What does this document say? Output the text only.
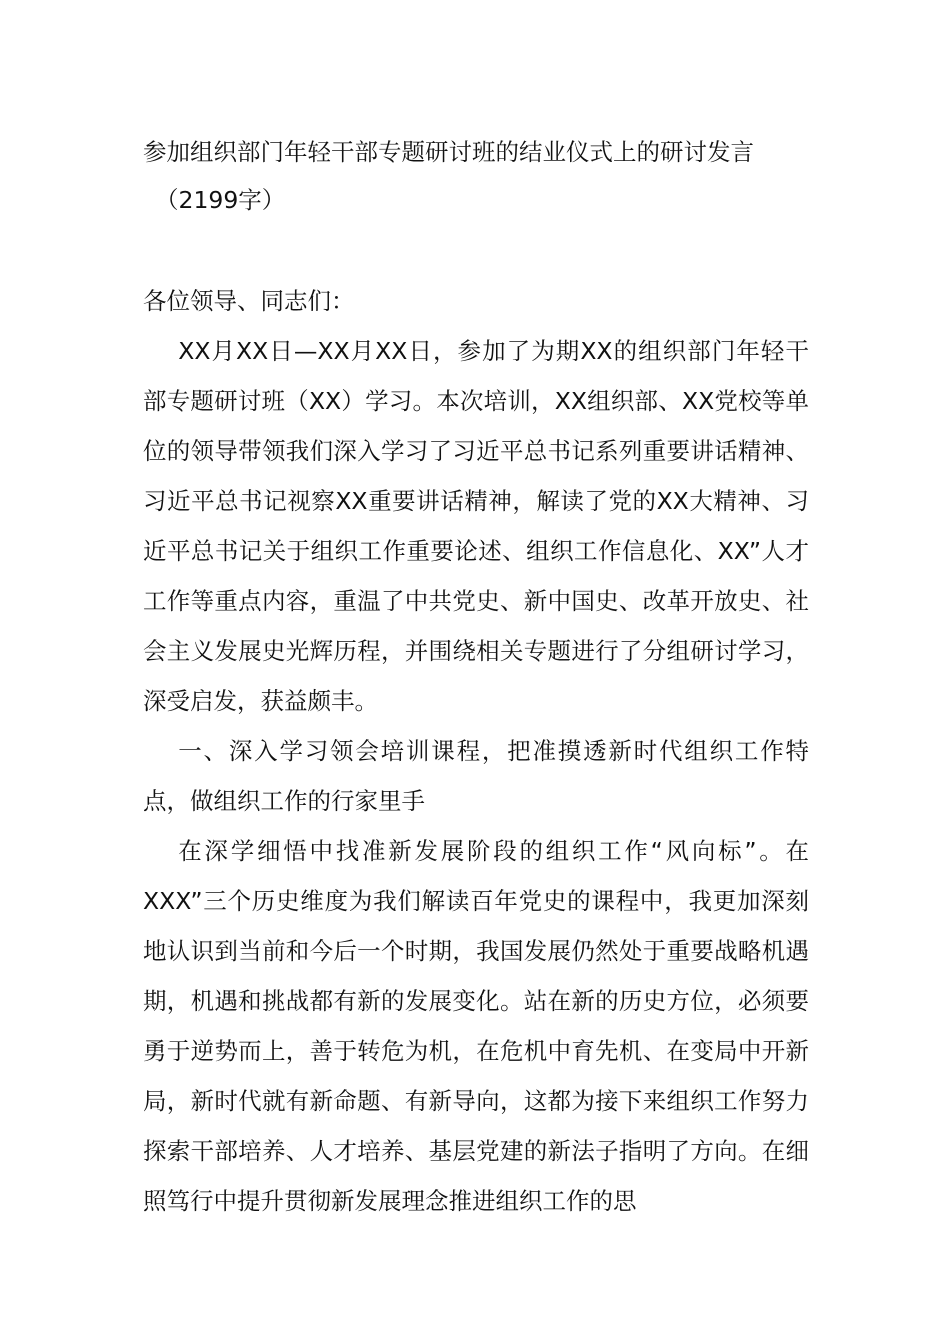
参加组织部门年轻干部专题研讨班的结业仪式上的研讨发言
（2199字）

各位领导、同志们：

XX月XX日—XX月XX日，参加了为期XX的组织部门年轻干部专题研讨班（XX）学习。本次培训，XX组织部、XX党校等单位的领导带领我们深入学习了习近平总书记系列重要讲话精神、习近平总书记视察XX重要讲话精神，解读了党的XX大精神、习近平总书记关于组织工作重要论述、组织工作信息化、XX”人才工作等重点内容，重温了中共党史、新中国史、改革开放史、社会主义发展史光辉历程，并围绕相关专题进行了分组研讨学习，深受启发，获益颇丰。

一、深入学习领会培训课程，把准摸透新时代组织工作特点，做组织工作的行家里手

在深学细悟中找准新发展阶段的组织工作“风向标”。在XXX”三个历史维度为我们解读百年党史的课程中，我更加深刻地认识到当前和今后一个时期，我国发展仍然处于重要战略机遇期，机遇和挑战都有新的发展变化。站在新的历史方位，必须要勇于逆势而上，善于转危为机，在危机中育先机、在变局中开新局，新时代就有新命题、有新导向，这都为接下来组织工作努力探索干部培养、人才培养、基层党建的新法子指明了方向。在细照笃行中提升贯彻新发展理念推进组织工作的思
